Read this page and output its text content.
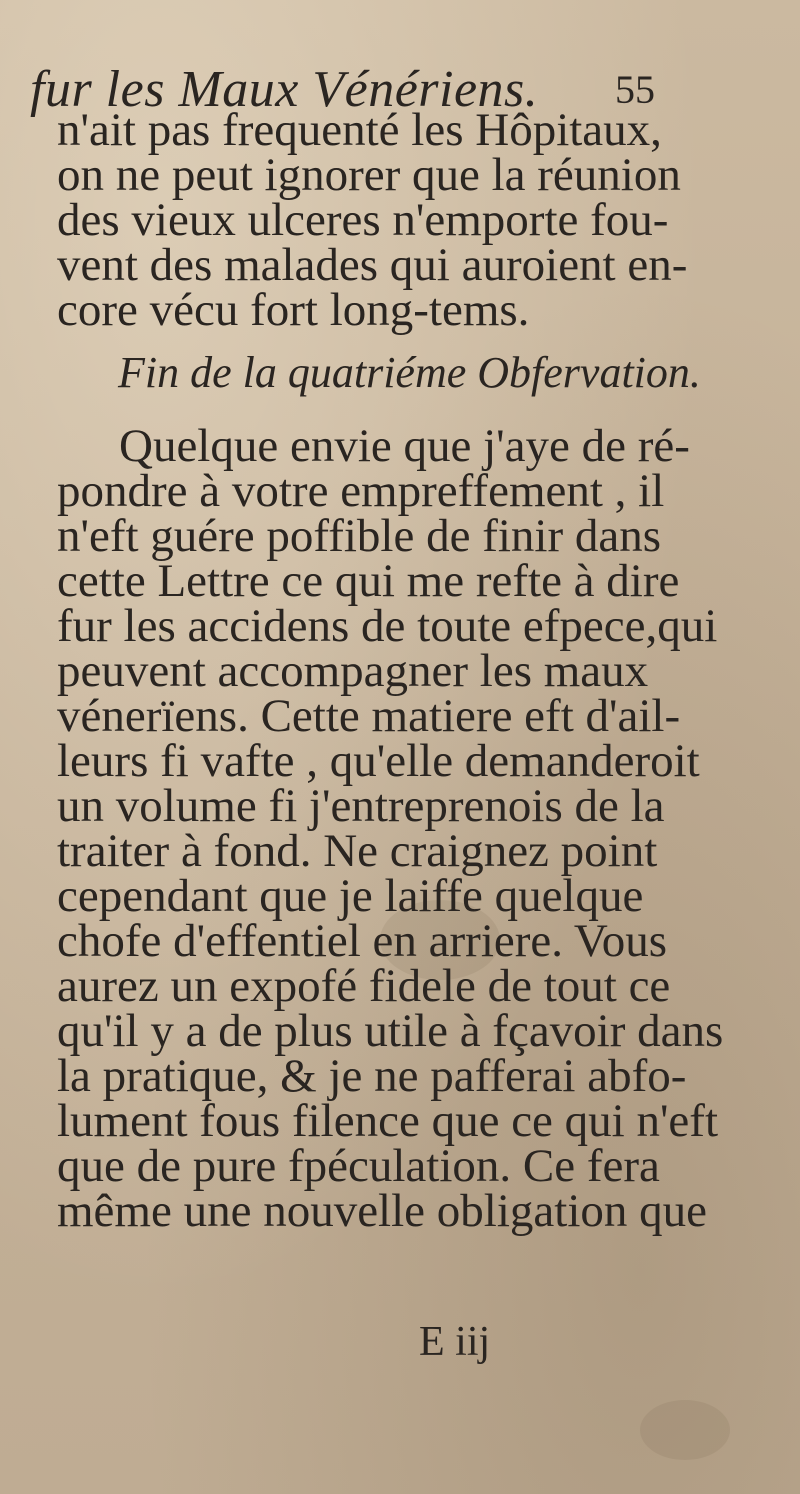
fur les Maux Vénériens. 55
n'ait pas frequenté les Hôpitaux,
on ne peut ignorer que la réunion
des vieux ulceres n'emporte fou-
vent des malades qui auroient en-
core vécu fort long-tems.
Fin de la quatriéme Obfervation.
Quelque envie que j'aye de ré-
pondre à votre empreffement , il
n'eft guére poffible de finir dans
cette Lettre ce qui me refte à dire
fur les accidens de toute efpece,qui
peuvent accompagner les maux
vénerïens. Cette matiere eft d'ail-
leurs fi vafte , qu'elle demanderoit
un volume fi j'entreprenois de la
traiter à fond. Ne craignez point
cependant que je laiffe quelque
chofe d'effentiel en arriere. Vous
aurez un expofé fidele de tout ce
qu'il y a de plus utile à fçavoir dans
la pratique, & je ne pafferai abfo-
lument fous filence que ce qui n'eft
que de pure fpéculation. Ce fera
même une nouvelle obligation que
E iij
